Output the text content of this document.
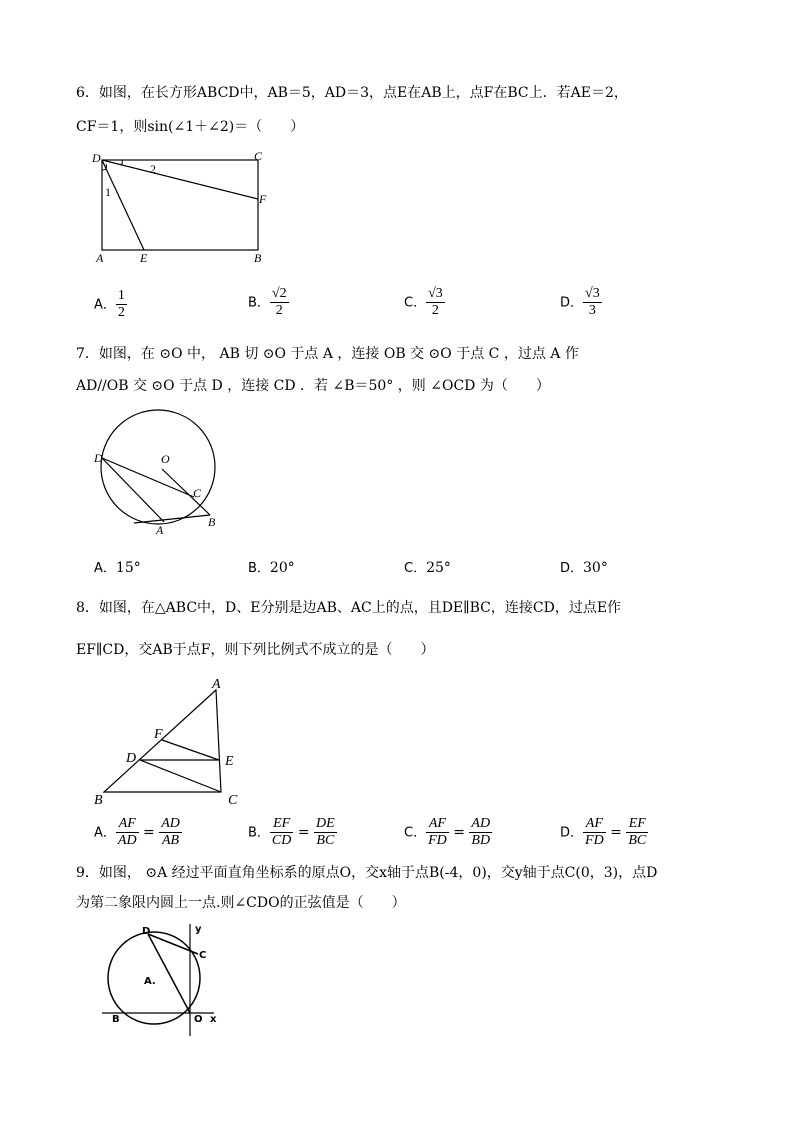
6．如图，在长方形ABCD中，AB＝5，AD＝3，点E在AB上，点F在BC上．若AE＝2，
CF＝1，则sin(∠1＋∠2)＝（　　）
D	C
A	E	B
F
1
2
A． $\frac{1}{2}$	B． $\frac{√2}{2}$	C． $\frac{√3}{2}$	D． $\frac{√3}{3}$
7．如图，在 ⊙O 中， AB 切 ⊙O 于点 A ，连接 OB 交 ⊙O 于点 C ，过点 A 作
AD//OB 交 ⊙O 于点 D ，连接 CD ．若 ∠B＝50° ，则 ∠OCD 为（　　）
D	O
C
A
B
A．15°	B．20°	C．25°	D．30°
8．如图，在△ABC中，D、E分别是边AB、AC上的点，且DE∥BC，连接CD，过点E作
EF∥CD，交AB于点F，则下列比例式不成立的是（　　）
A
F
D	E
B	C
A． $\frac{AF}{AD} = \frac{AD}{AB}$	B． $\frac{EF}{CD} = \frac{DE}{BC}$	C． $\frac{AF}{FD} = \frac{AD}{BD}$	D． $\frac{AF}{FD} = \frac{EF}{BC}$
9．如图， ⊙A 经过平面直角坐标系的原点O，交x轴于点B(-4，0)，交y轴于点C(0，3)，点D
为第二象限内圆上一点.则∠CDO的正弦值是（　　）
D	y
C
A.
B	O x
